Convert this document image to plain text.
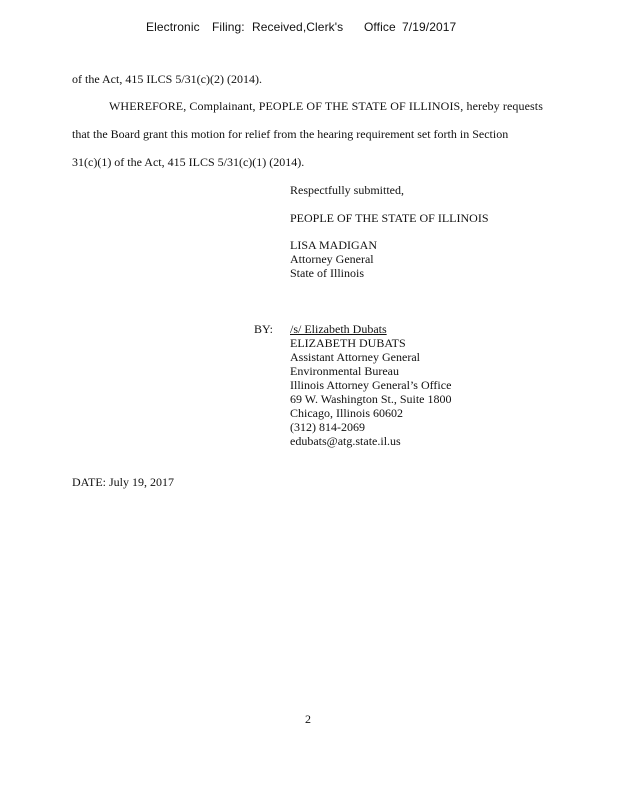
Electronic Filing: Received,Clerk's Office 7/19/2017
of the Act, 415 ILCS 5/31(c)(2) (2014).
WHEREFORE, Complainant, PEOPLE OF THE STATE OF ILLINOIS, hereby requests
that the Board grant this motion for relief from the hearing requirement set forth in Section
31(c)(1) of the Act, 415 ILCS 5/31(c)(1) (2014).
Respectfully submitted,
PEOPLE OF THE STATE OF ILLINOIS
LISA MADIGAN
Attorney General
State of Illinois
BY: /s/ Elizabeth Dubats
ELIZABETH DUBATS
Assistant Attorney General
Environmental Bureau
Illinois Attorney General’s Office
69 W. Washington St., Suite 1800
Chicago, Illinois 60602
(312) 814-2069
edubats@atg.state.il.us
DATE: July 19, 2017
2
